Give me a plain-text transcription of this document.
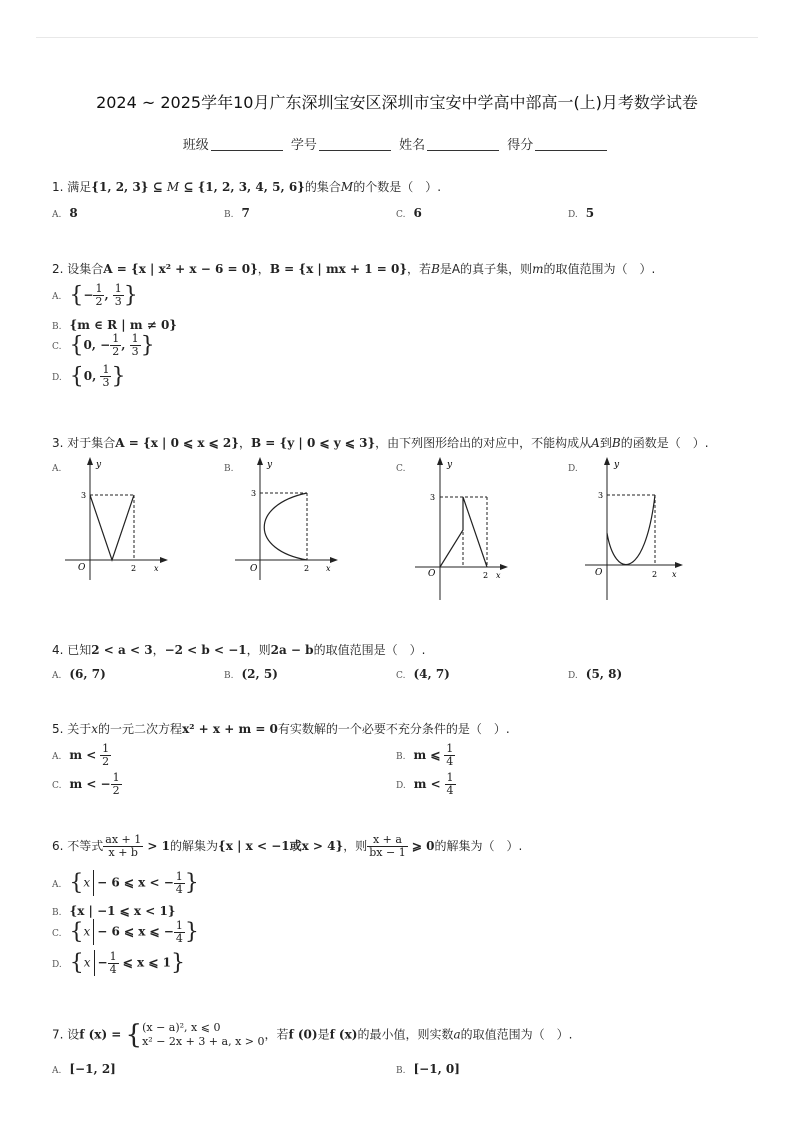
2024 ~ 2025学年10月广东深圳宝安区深圳市宝安中学高中部高一(上)月考数学试卷
班级	学号	姓名	得分
1. 满足{1, 2, 3} ⊆ M ⊆ {1, 2, 3, 4, 5, 6}的集合M的个数是（　）.
A. 8	B. 7	C. 6	D. 5
2. 设集合A = {x | x² + x − 6 = 0}，B = {x | mx + 1 = 0}，若B是A的真子集，则m的取值范围为（　）.
A. {− $\frac{1}{2}$ , $\frac{1}{3}$ }
B. {m ∈ R | m ≠ 0}
C. {0, − $\frac{1}{2}$ , $\frac{1}{3}$ }
D. {0, $\frac{1}{3}$ }
3. 对于集合A = {x | 0 ⩽ x ⩽ 2}，B = {y | 0 ⩽ y ⩽ 3}，由下列图形给出的对应中，不能构成从A到B的函数是（　）.
A.	B.	C.	D.
y
O
3
2 x
y
O
3
2 x
y
O
3
2 x
y
O
3
2 x
4. 已知2 < a < 3，−2 < b < −1，则2a − b的取值范围是（　）.
A. (6, 7)	B. (2, 5)	C. (4, 7)	D. (5, 8)
5. 关于x的一元二次方程x² + x + m = 0有实数解的一个必要不充分条件的是（　）.
A. $m < \frac{1}{2}$	B. m ⩽ $\frac{1}{4}$
C. m < − $\frac{1}{2}$	D. $m < \frac{1}{4}$
6. 不等式 $\frac{ax + 1}{x + b} > 1$的解集为{x | x < −1或x > 4}，则 $\frac{x + a}{bx - 1}$ ⩾ 0的解集为（　）.
A. {x − 6 ⩽ x < − $\frac{1}{4}$ }
B. {x | −1 ⩽ x < 1}
C. {x − 6 ⩽ x ⩽ − $\frac{1}{4}$ }
D. {$x - \frac{1}{4}$ ⩽ x ⩽ 1}
7. 设f (x) = { (x − a)², x ⩽ 0
x² − 2x + 3 + a, x > 0 ，若f (0)是f (x)的最小值，则实数a的取值范围为（　）.
A. [−1, 2]	B. [−1, 0]
